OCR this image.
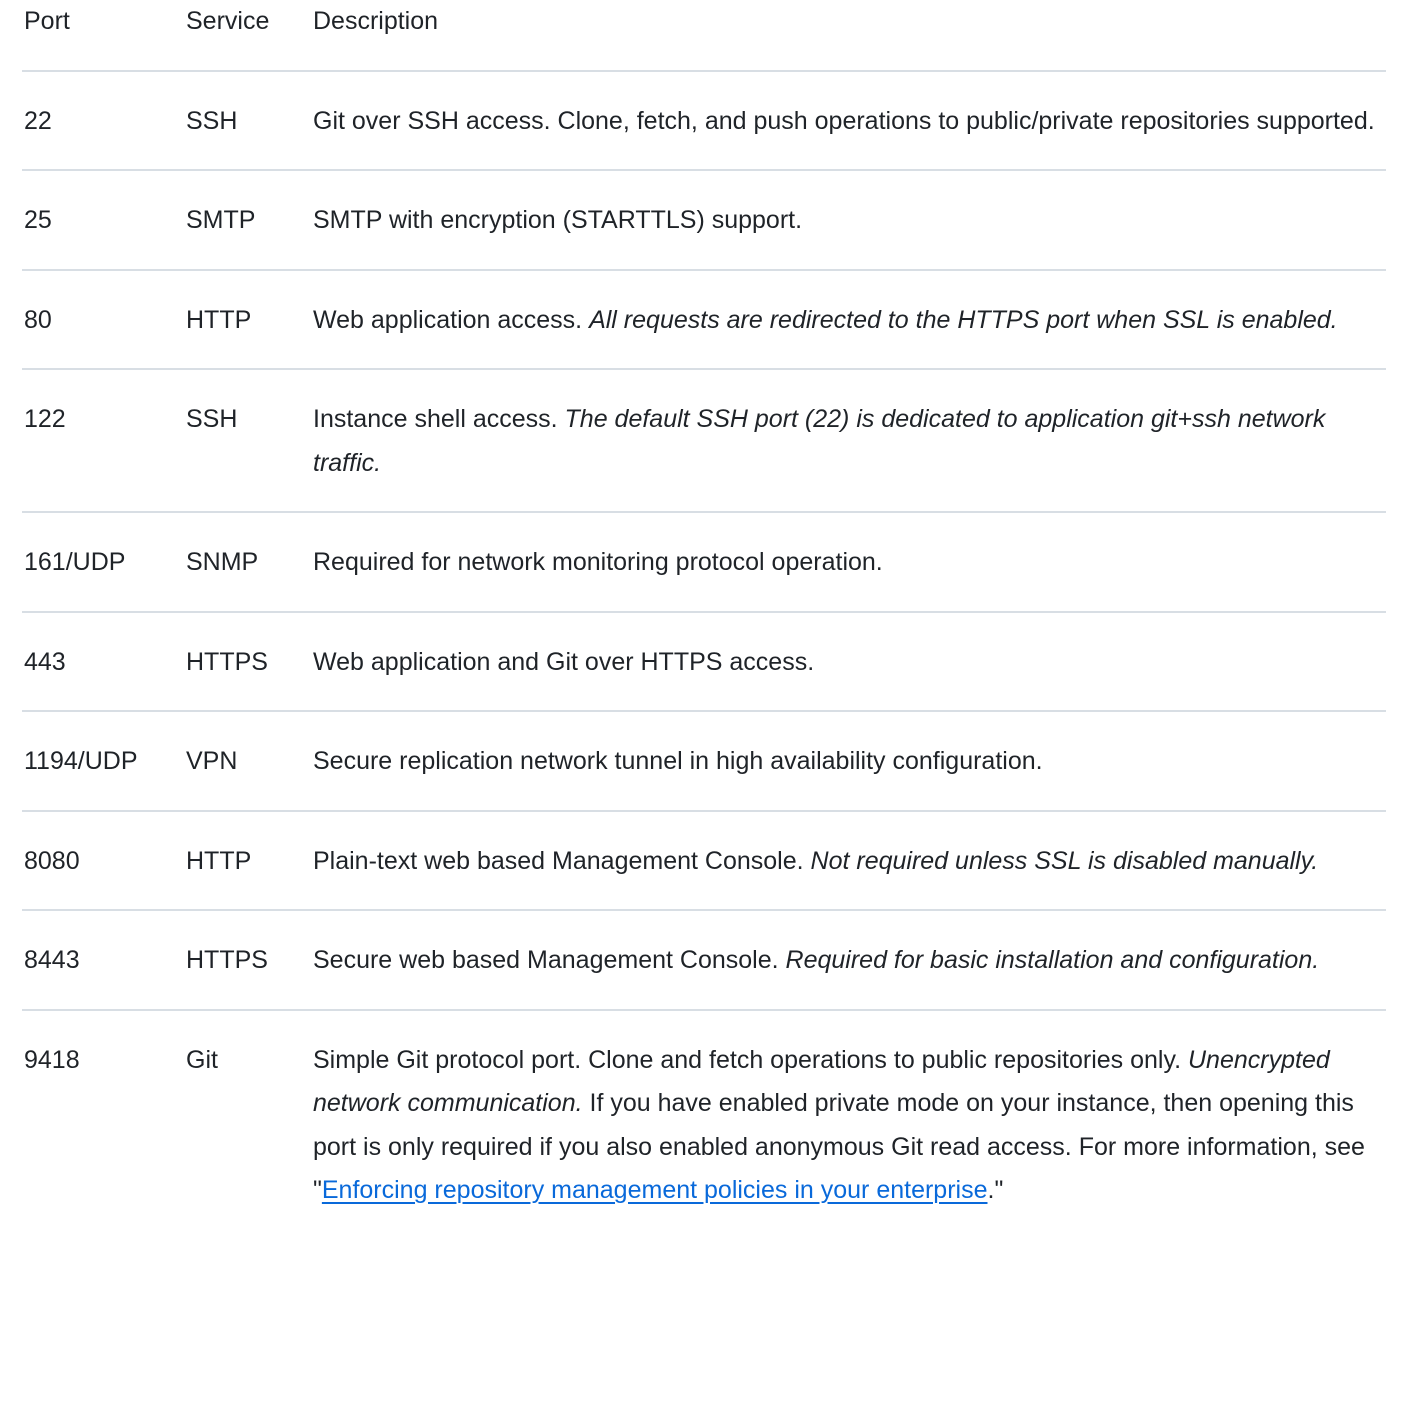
Port	Service	Description
22	SSH	Git over SSH access. Clone, fetch, and push operations to public/private repositories supported.
25	SMTP	SMTP with encryption (STARTTLS) support.
80	HTTP	Web application access. All requests are redirected to the HTTPS port when SSL is enabled.
122	SSH	Instance shell access. The default SSH port (22) is dedicated to application git+ssh network traffic.
161/UDP	SNMP	Required for network monitoring protocol operation.
443	HTTPS	Web application and Git over HTTPS access.
1194/UDP	VPN	Secure replication network tunnel in high availability configuration.
8080	HTTP	Plain-text web based Management Console. Not required unless SSL is disabled manually.
8443	HTTPS	Secure web based Management Console. Required for basic installation and configuration.
9418	Git	Simple Git protocol port. Clone and fetch operations to public repositories only. Unencrypted network communication. If you have enabled private mode on your instance, then opening this port is only required if you also enabled anonymous Git read access. For more information, see "Enforcing repository management policies in your enterprise."
